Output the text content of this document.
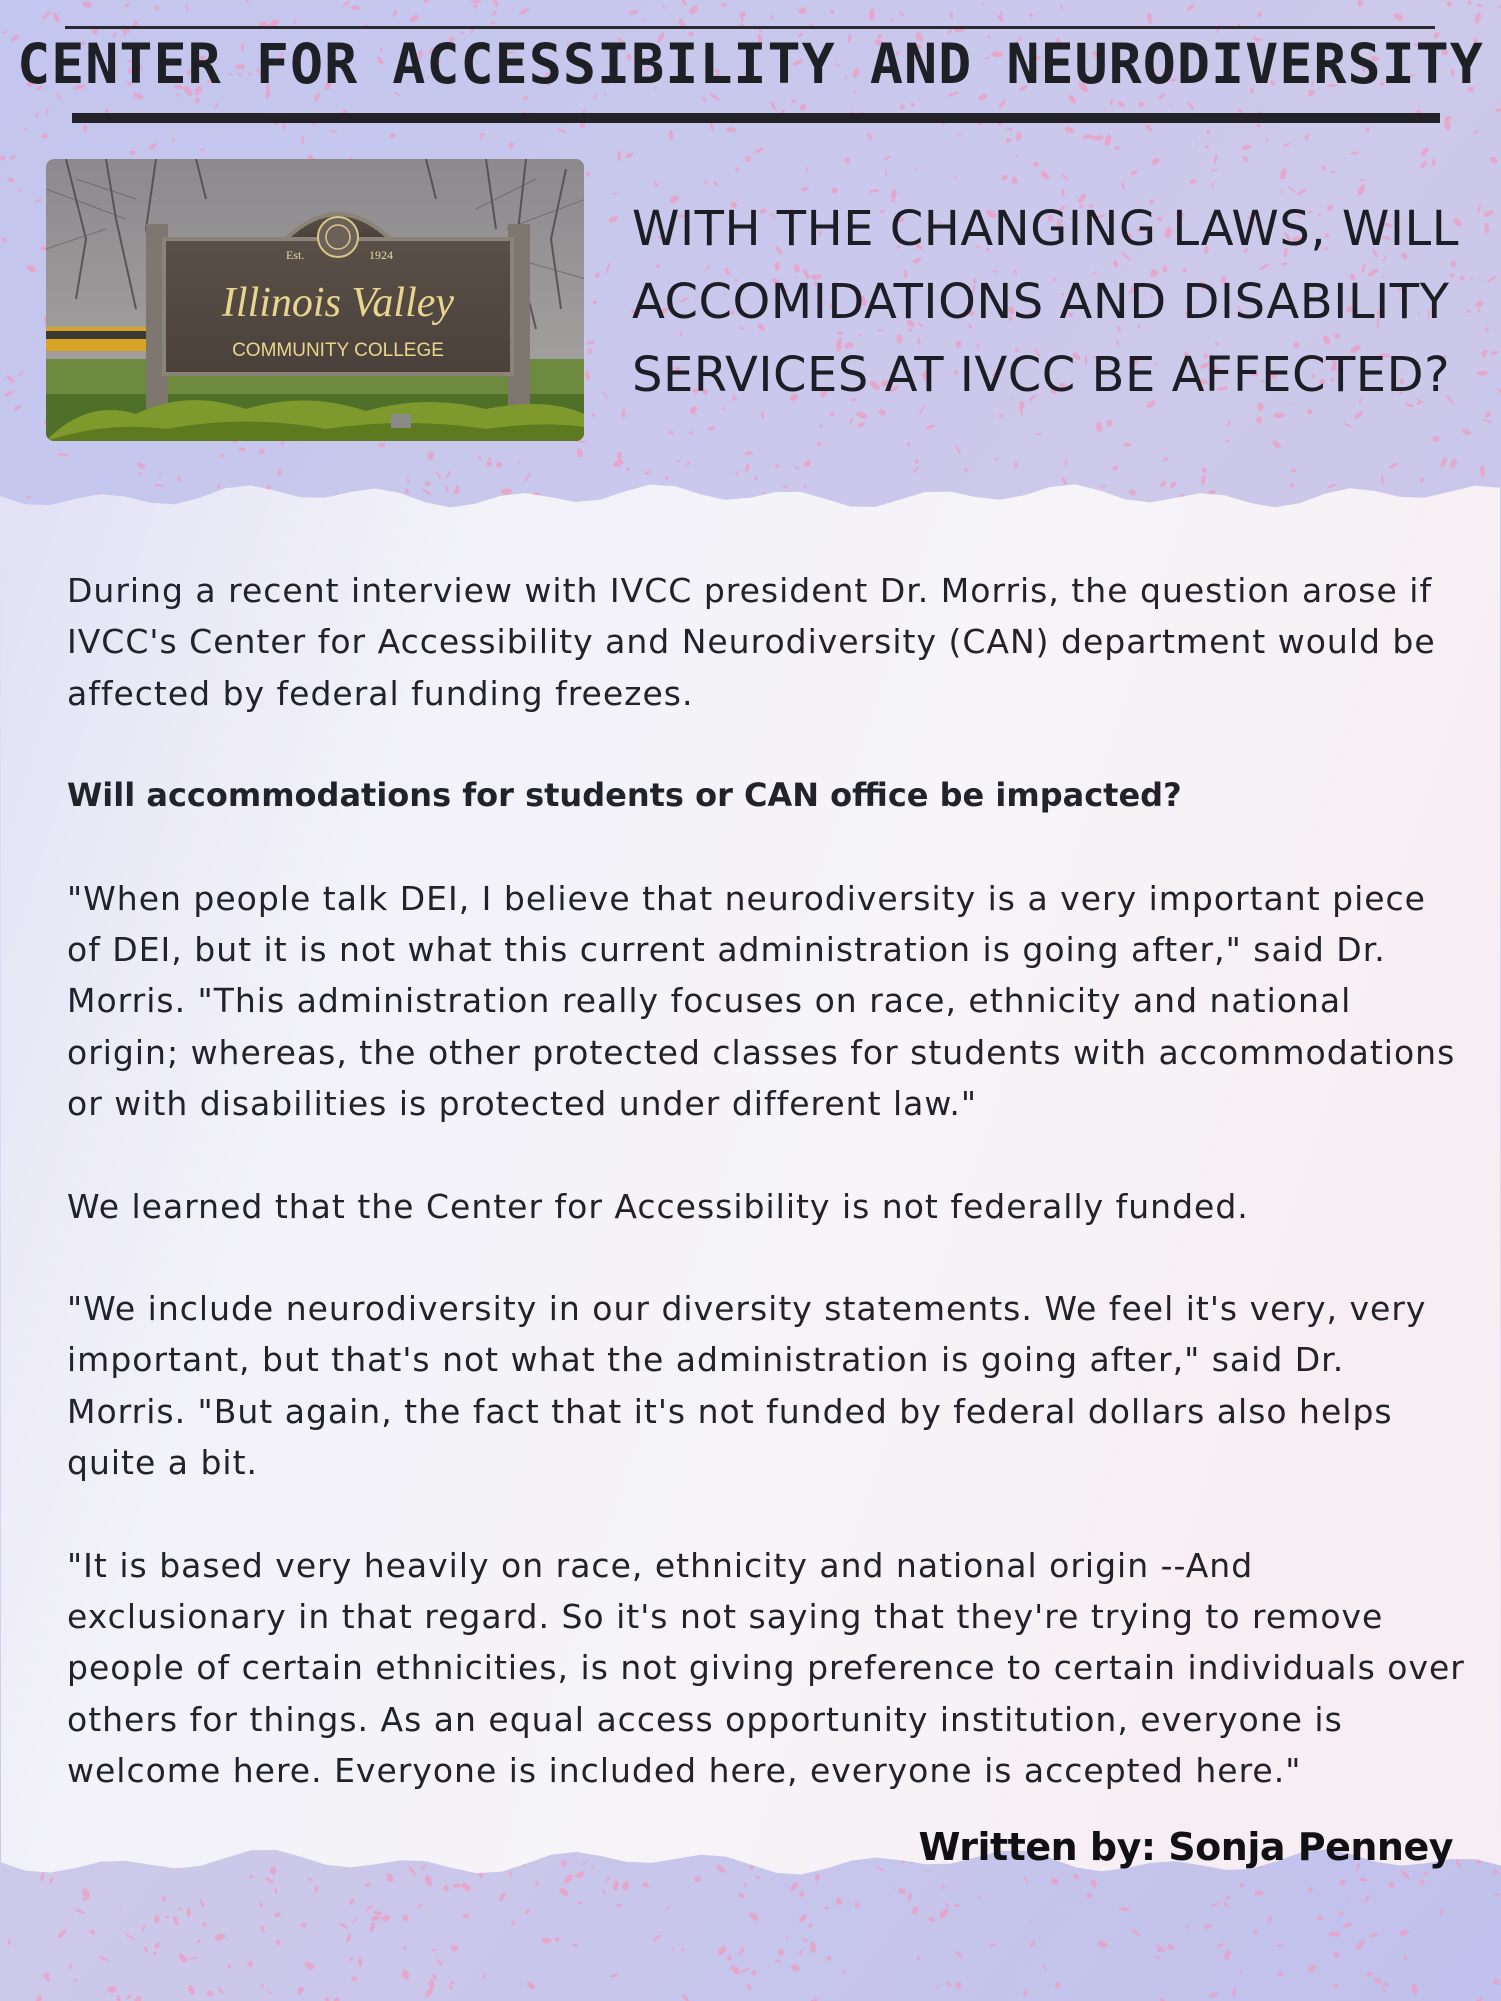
CENTER FOR ACCESSIBILITY AND NEURODIVERSITY
Est.	1924
Illinois Valley
COMMUNITY COLLEGE
WITH THE CHANGING LAWS, WILL ACCOMIDATIONS AND DISABILITY SERVICES AT IVCC BE AFFECTED?

During a recent interview with IVCC president Dr. Morris, the question arose if IVCC's Center for Accessibility and Neurodiversity (CAN) department would be affected by federal funding freezes.

Will accommodations for students or CAN office be impacted?

"When people talk DEI, I believe that neurodiversity is a very important piece of DEI, but it is not what this current administration is going after," said Dr. Morris. "This administration really focuses on race, ethnicity and national origin; whereas, the other protected classes for students with accommodations or with disabilities is protected under different law."

We learned that the Center for Accessibility is not federally funded.

"We include neurodiversity in our diversity statements. We feel it's very, very important, but that's not what the administration is going after," said Dr. Morris. "But again, the fact that it's not funded by federal dollars also helps quite a bit.

"It is based very heavily on race, ethnicity and national origin --And exclusionary in that regard. So it's not saying that they're trying to remove people of certain ethnicities, is not giving preference to certain individuals over others for things. As an equal access opportunity institution, everyone is welcome here. Everyone is included here, everyone is accepted here."

Written by: Sonja Penney
